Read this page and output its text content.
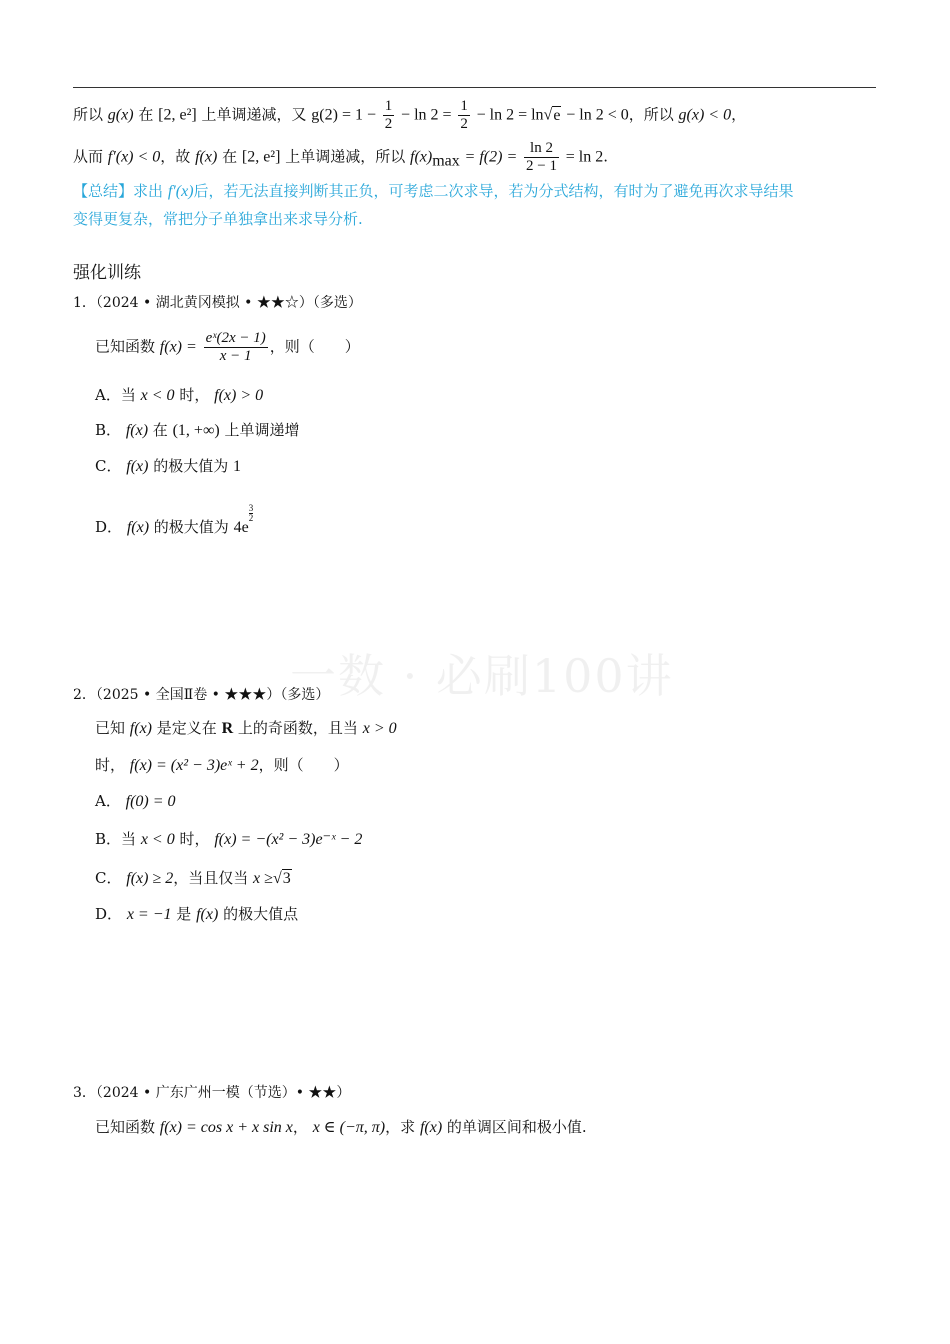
所以 g(x) 在 [2, e²] 上单调递减，又 $g(2) = 1 - \frac{1}{2} - \ln 2 = \frac{1}{2} - \ln 2 = \ln√e - \ln 2 < 0$，所以 g(x) < 0，
从而 f′(x) < 0，故 f(x) 在 [2, e²] 上单调递减，所以 $f(x)_{max} = f(2) = \frac{\ln 2}{2 - 1} = \ln 2$.
【总结】求出 f′(x)后，若无法直接判断其正负，可考虑二次求导，若为分式结构，有时为了避免再次求导结果
变得更复杂，常把分子单独拿出来求导分析.
强化训练
1．（2024 • 湖北黄冈模拟 • ★★☆）（多选）
已知函数 $f(x) = \frac{\text{eˣ(2x − 1)}}{x - 1}$ ，则（　　）
A．当 x < 0 时， f(x) > 0
B． f(x) 在 (1, +∞) 上单调递增
C． f(x) 的极大值为 1
D． f(x) 的极大值为 4e
$\frac{3}{2}$
一数 · 必刷100讲
2．（2025 • 全国Ⅱ卷 • ★★★）（多选）
已知 f(x) 是定义在 R 上的奇函数，且当 x > 0
时， f(x) = (x² − 3)eˣ + 2，则（　　）
A． f(0) = 0
B．当 x < 0 时， f(x) = −(x² − 3)e⁻ˣ − 2
C． f(x) ≥ 2，当且仅当 x ≥√3
D． x = −1 是 f(x) 的极大值点
3．（2024 • 广东广州一模（节选）• ★★）
已知函数 f(x) = cos x + x sin x， x ∈ (−π, π)，求 f(x) 的单调区间和极小值.
